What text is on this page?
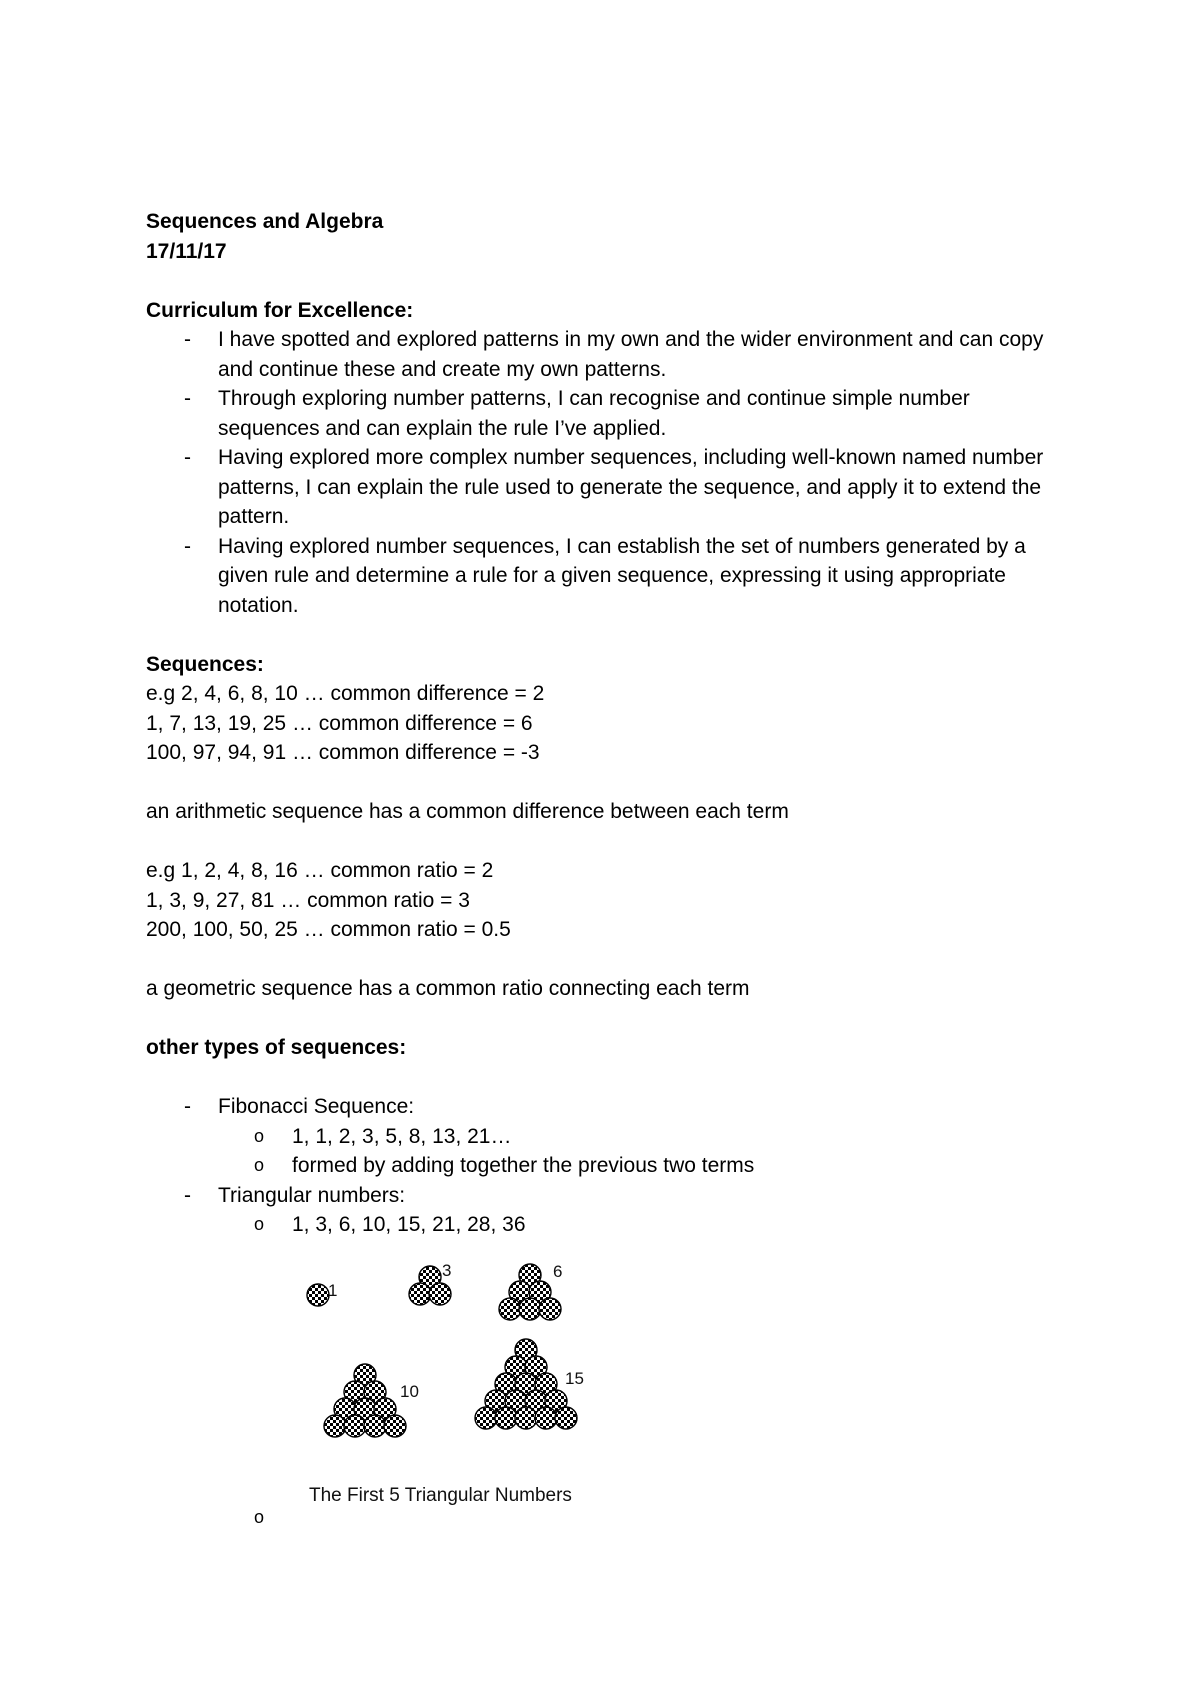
Sequences and Algebra
17/11/17
Curriculum for Excellence:
- I have spotted and explored patterns in my own and the wider environment and can copy and continue these and create my own patterns.
- Through exploring number patterns, I can recognise and continue simple number sequences and can explain the rule I’ve applied.
- Having explored more complex number sequences, including well-known named number patterns, I can explain the rule used to generate the sequence, and apply it to extend the pattern.
- Having explored number sequences, I can establish the set of numbers generated by a given rule and determine a rule for a given sequence, expressing it using appropriate notation.
Sequences:
e.g 2, 4, 6, 8, 10 … common difference = 2
1, 7, 13, 19, 25 … common difference = 6
100, 97, 94, 91 … common difference = -3
an arithmetic sequence has a common difference between each term
e.g 1, 2, 4, 8, 16 … common ratio = 2
1, 3, 9, 27, 81 … common ratio = 3
200, 100, 50, 25 … common ratio = 0.5
a geometric sequence has a common ratio connecting each term
other types of sequences:
- Fibonacci Sequence:
o 1, 1, 2, 3, 5, 8, 13, 21…
o formed by adding together the previous two terms
- Triangular numbers:
o 1, 3, 6, 10, 15, 21, 28, 36
1
3	6
10
15
The First 5 Triangular Numbers
o
